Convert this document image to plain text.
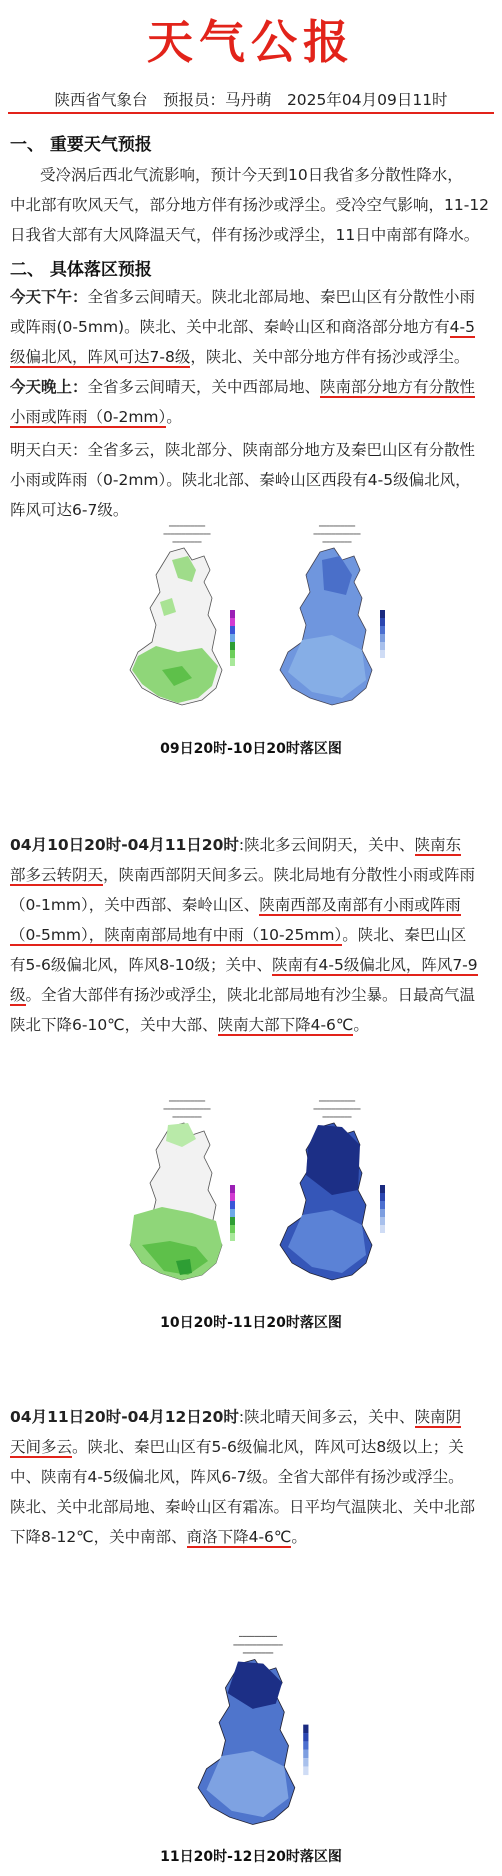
天气公报
陕西省气象台　预报员：马丹萌　2025年04月09日11时
一、 重要天气预报
受冷涡后西北气流影响，预计今天到10日我省多分散性降水，
中北部有吹风天气，部分地方伴有扬沙或浮尘。受冷空气影响，11-12
日我省大部有大风降温天气，伴有扬沙或浮尘，11日中南部有降水。
二、 具体落区预报
今天下午：全省多云间晴天。陕北北部局地、秦巴山区有分散性小雨
或阵雨(0-5mm)。陕北、关中北部、秦岭山区和商洛部分地方有4-5
级偏北风，阵风可达7-8级，陕北、关中部分地方伴有扬沙或浮尘。
今天晚上：全省多云间晴天，关中西部局地、陕南部分地方有分散性
小雨或阵雨（0-2mm）。
明天白天：全省多云，陕北部分、陕南部分地方及秦巴山区有分散性
小雨或阵雨（0-2mm）。陕北北部、秦岭山区西段有4-5级偏北风，
阵风可达6-7级。
━━━━━━━━━━
━━━━━━━━━━━━━
━━━━━━━━
━━━━━━━━━━
━━━━━━━━━━━━━
━━━━━━━━
09日20时-10日20时落区图
04月10日20时-04月11日20时:陕北多云间阴天，关中、陕南东
部多云转阴天，陕南西部阴天间多云。陕北局地有分散性小雨或阵雨
（0-1mm），关中西部、秦岭山区、陕南西部及南部有小雨或阵雨
（0-5mm），陕南南部局地有中雨（10-25mm）。陕北、秦巴山区
有5-6级偏北风，阵风8-10级；关中、陕南有4-5级偏北风，阵风7-9
级。全省大部伴有扬沙或浮尘，陕北北部局地有沙尘暴。日最高气温
陕北下降6-10℃，关中大部、陕南大部下降4-6℃。
━━━━━━━━━━
━━━━━━━━━━━━━
━━━━━━━━
━━━━━━━━━━
━━━━━━━━━━━━━
━━━━━━━━
10日20时-11日20时落区图
04月11日20时-04月12日20时:陕北晴天间多云，关中、陕南阴
天间多云。陕北、秦巴山区有5-6级偏北风，阵风可达8级以上；关
中、陕南有4-5级偏北风，阵风6-7级。全省大部伴有扬沙或浮尘。
陕北、关中北部局地、秦岭山区有霜冻。日平均气温陕北、关中北部
下降8-12℃，关中南部、商洛下降4-6℃。
━━━━━━━━━━
━━━━━━━━━━━━━
━━━━━━━━
11日20时-12日20时落区图
